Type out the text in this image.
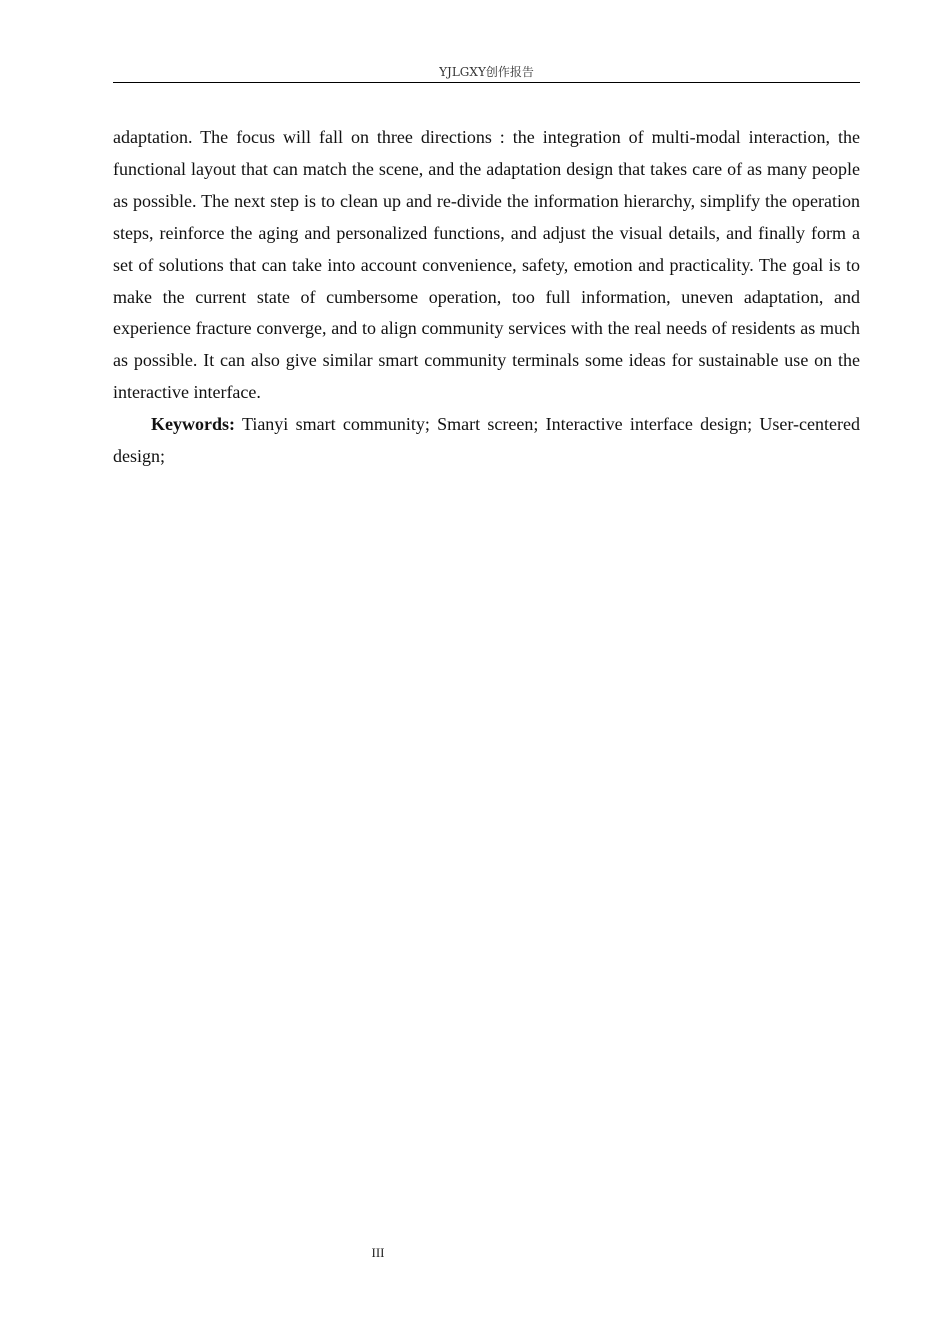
YJLGXY创作报告

adaptation. The focus will fall on three directions : the integration of multi-modal interaction, the functional layout that can match the scene, and the adaptation design that takes care of as many people as possible. The next step is to clean up and re-divide the information hierarchy, simplify the operation steps, reinforce the aging and personalized functions, and adjust the visual details, and finally form a set of solutions that can take into account convenience, safety, emotion and practicality. The goal is to make the current state of cumbersome operation, too full information, uneven adaptation, and experience fracture converge, and to align community services with the real needs of residents as much as possible. It can also give similar smart community terminals some ideas for sustainable use on the interactive interface.

Keywords: Tianyi smart community; Smart screen; Interactive interface design; User-centered design;

III
